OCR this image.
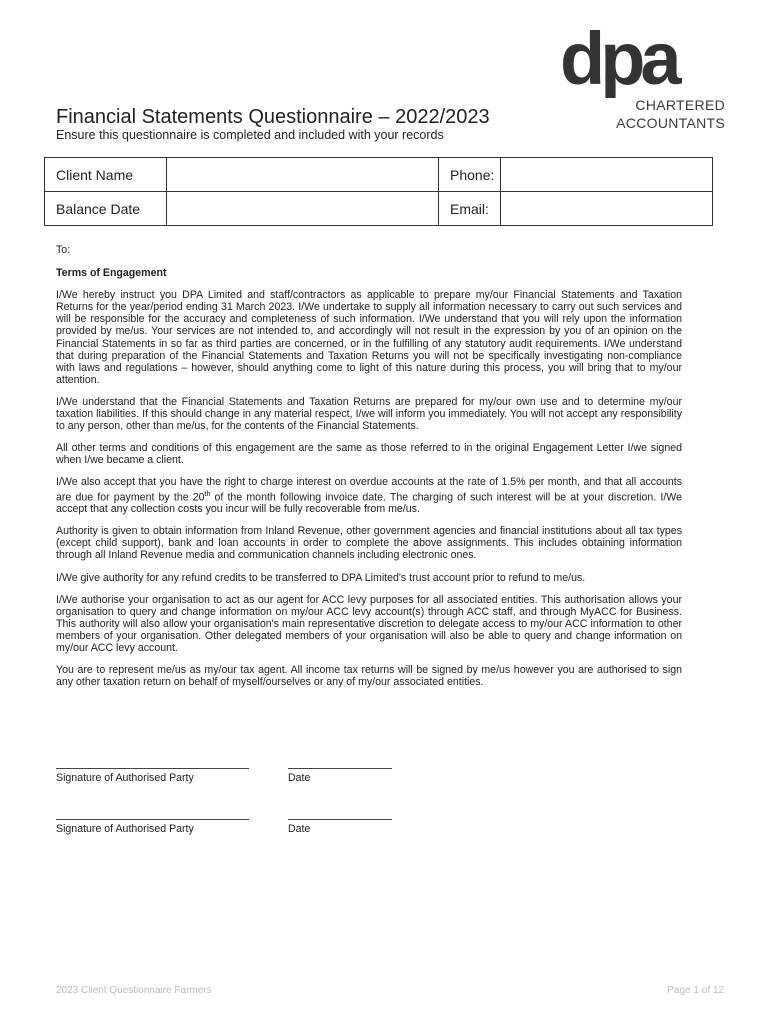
dpa
CHARTERED
ACCOUNTANTS
Financial Statements Questionnaire – 2022/2023
Ensure this questionnaire is completed and included with your records
Client Name		Phone:	
Balance Date		Email:	

To:

Terms of Engagement

I/We hereby instruct you DPA Limited and staff/contractors as applicable to prepare my/our Financial Statements and Taxation Returns for the year/period ending 31 March 2023. I/We undertake to supply all information necessary to carry out such services and will be responsible for the accuracy and completeness of such information. I/We understand that you will rely upon the information provided by me/us. Your services are not intended to, and accordingly will not result in the expression by you of an opinion on the Financial Statements in so far as third parties are concerned, or in the fulfilling of any statutory audit requirements. I/We understand that during preparation of the Financial Statements and Taxation Returns you will not be specifically investigating non-compliance with laws and regulations – however, should anything come to light of this nature during this process, you will bring that to my/our attention.

I/We understand that the Financial Statements and Taxation Returns are prepared for my/our own use and to determine my/our taxation liabilities. If this should change in any material respect, I/we will inform you immediately. You will not accept any responsibility to any person, other than me/us, for the contents of the Financial Statements.

All other terms and conditions of this engagement are the same as those referred to in the original Engagement Letter I/we signed when I/we became a client.

I/We also accept that you have the right to charge interest on overdue accounts at the rate of 1.5% per month, and that all accounts are due for payment by the 20th of the month following invoice date. The charging of such interest will be at your discretion. I/We accept that any collection costs you incur will be fully recoverable from me/us.

Authority is given to obtain information from Inland Revenue, other government agencies and financial institutions about all tax types (except child support), bank and loan accounts in order to complete the above assignments. This includes obtaining information through all Inland Revenue media and communication channels including electronic ones.

I/We give authority for any refund credits to be transferred to DPA Limited's trust account prior to refund to me/us.

I/We authorise your organisation to act as our agent for ACC levy purposes for all associated entities. This authorisation allows your organisation to query and change information on my/our ACC levy account(s) through ACC staff, and through MyACC for Business. This authority will also allow your organisation's main representative discretion to delegate access to my/our ACC information to other members of your organisation. Other delegated members of your organisation will also be able to query and change information on my/our ACC levy account.

You are to represent me/us as my/our tax agent. All income tax returns will be signed by me/us however you are authorised to sign any other taxation return on behalf of myself/ourselves or any of my/our associated entities.

Signature of Authorised Party	Date
Signature of Authorised Party	Date
2023 Client Questionnaire Farmers	Page 1 of 12
